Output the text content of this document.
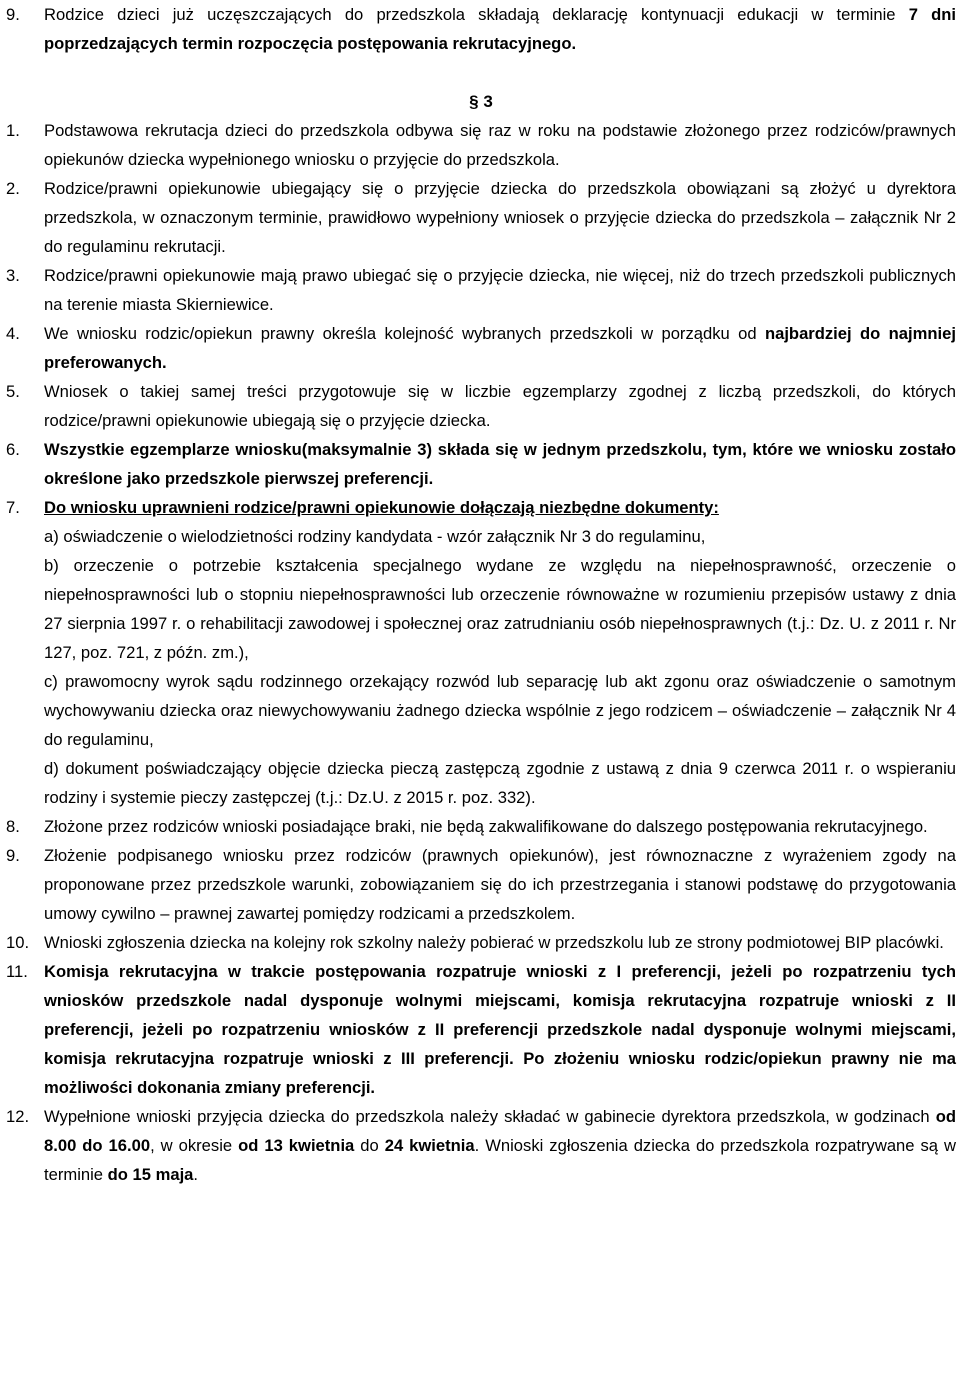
9.	Rodzice dzieci już uczęszczających do przedszkola składają deklarację kontynuacji edukacji w terminie 7 dni poprzedzających termin rozpoczęcia postępowania rekrutacyjnego.

§ 3

1.	Podstawowa rekrutacja dzieci do przedszkola odbywa się raz w roku na podstawie złożonego przez rodziców/prawnych opiekunów dziecka wypełnionego wniosku o przyjęcie do przedszkola.

2.	Rodzice/prawni opiekunowie ubiegający się o przyjęcie dziecka do przedszkola obowiązani są złożyć u dyrektora przedszkola, w oznaczonym terminie, prawidłowo wypełniony wniosek o przyjęcie dziecka do przedszkola – załącznik Nr 2 do regulaminu rekrutacji.

3.	Rodzice/prawni opiekunowie mają prawo ubiegać się o przyjęcie dziecka, nie więcej, niż do trzech przedszkoli publicznych na terenie miasta Skierniewice.

4.	We wniosku rodzic/opiekun prawny określa kolejność wybranych przedszkoli w porządku od najbardziej do najmniej preferowanych.

5.	Wniosek o takiej samej treści przygotowuje się w liczbie egzemplarzy zgodnej z liczbą przedszkoli, do których rodzice/prawni opiekunowie ubiegają się o przyjęcie dziecka.

6.	Wszystkie egzemplarze wniosku(maksymalnie 3) składa się w jednym przedszkolu, tym, które we wniosku zostało określone jako przedszkole pierwszej preferencji.

7.	Do wniosku uprawnieni rodzice/prawni opiekunowie dołączają niezbędne dokumenty:
a) oświadczenie o wielodzietności rodziny kandydata - wzór załącznik Nr 3 do regulaminu,
b) orzeczenie o potrzebie kształcenia specjalnego wydane ze względu na niepełnosprawność, orzeczenie o niepełnosprawności lub o stopniu niepełnosprawności lub orzeczenie równoważne w rozumieniu przepisów ustawy z dnia 27 sierpnia 1997 r. o rehabilitacji zawodowej i społecznej oraz zatrudnianiu osób niepełnosprawnych (t.j.: Dz. U. z 2011 r. Nr 127, poz. 721, z późn. zm.),
c) prawomocny wyrok sądu rodzinnego orzekający rozwód lub separację lub akt zgonu oraz oświadczenie o samotnym wychowywaniu dziecka oraz niewychowywaniu żadnego dziecka wspólnie z jego rodzicem – oświadczenie – załącznik Nr 4 do regulaminu,
d) dokument poświadczający objęcie dziecka pieczą zastępczą zgodnie z ustawą z dnia 9 czerwca 2011 r. o wspieraniu rodziny i systemie pieczy zastępczej (t.j.: Dz.U. z 2015 r. poz. 332).

8.	Złożone przez rodziców wnioski posiadające braki, nie będą zakwalifikowane do dalszego postępowania rekrutacyjnego.

9.	Złożenie podpisanego wniosku przez rodziców (prawnych opiekunów), jest równoznaczne z wyrażeniem zgody na proponowane przez przedszkole warunki, zobowiązaniem się do ich przestrzegania i stanowi podstawę do przygotowania umowy cywilno – prawnej zawartej pomiędzy rodzicami a przedszkolem.

10. Wnioski zgłoszenia dziecka na kolejny rok szkolny należy pobierać w przedszkolu lub ze strony podmiotowej BIP placówki.

11. Komisja rekrutacyjna w trakcie postępowania rozpatruje wnioski z I preferencji, jeżeli po rozpatrzeniu tych wniosków przedszkole nadal dysponuje wolnymi miejscami, komisja rekrutacyjna rozpatruje wnioski z II preferencji, jeżeli po rozpatrzeniu wniosków z II preferencji przedszkole nadal dysponuje wolnymi miejscami, komisja rekrutacyjna rozpatruje wnioski z III preferencji. Po złożeniu wniosku rodzic/opiekun prawny nie ma możliwości dokonania zmiany preferencji.

12. Wypełnione wnioski przyjęcia dziecka do przedszkola należy składać w gabinecie dyrektora przedszkola, w godzinach od 8.00 do 16.00, w okresie od 13 kwietnia do 24 kwietnia. Wnioski zgłoszenia dziecka do przedszkola rozpatrywane są w terminie do 15 maja.
